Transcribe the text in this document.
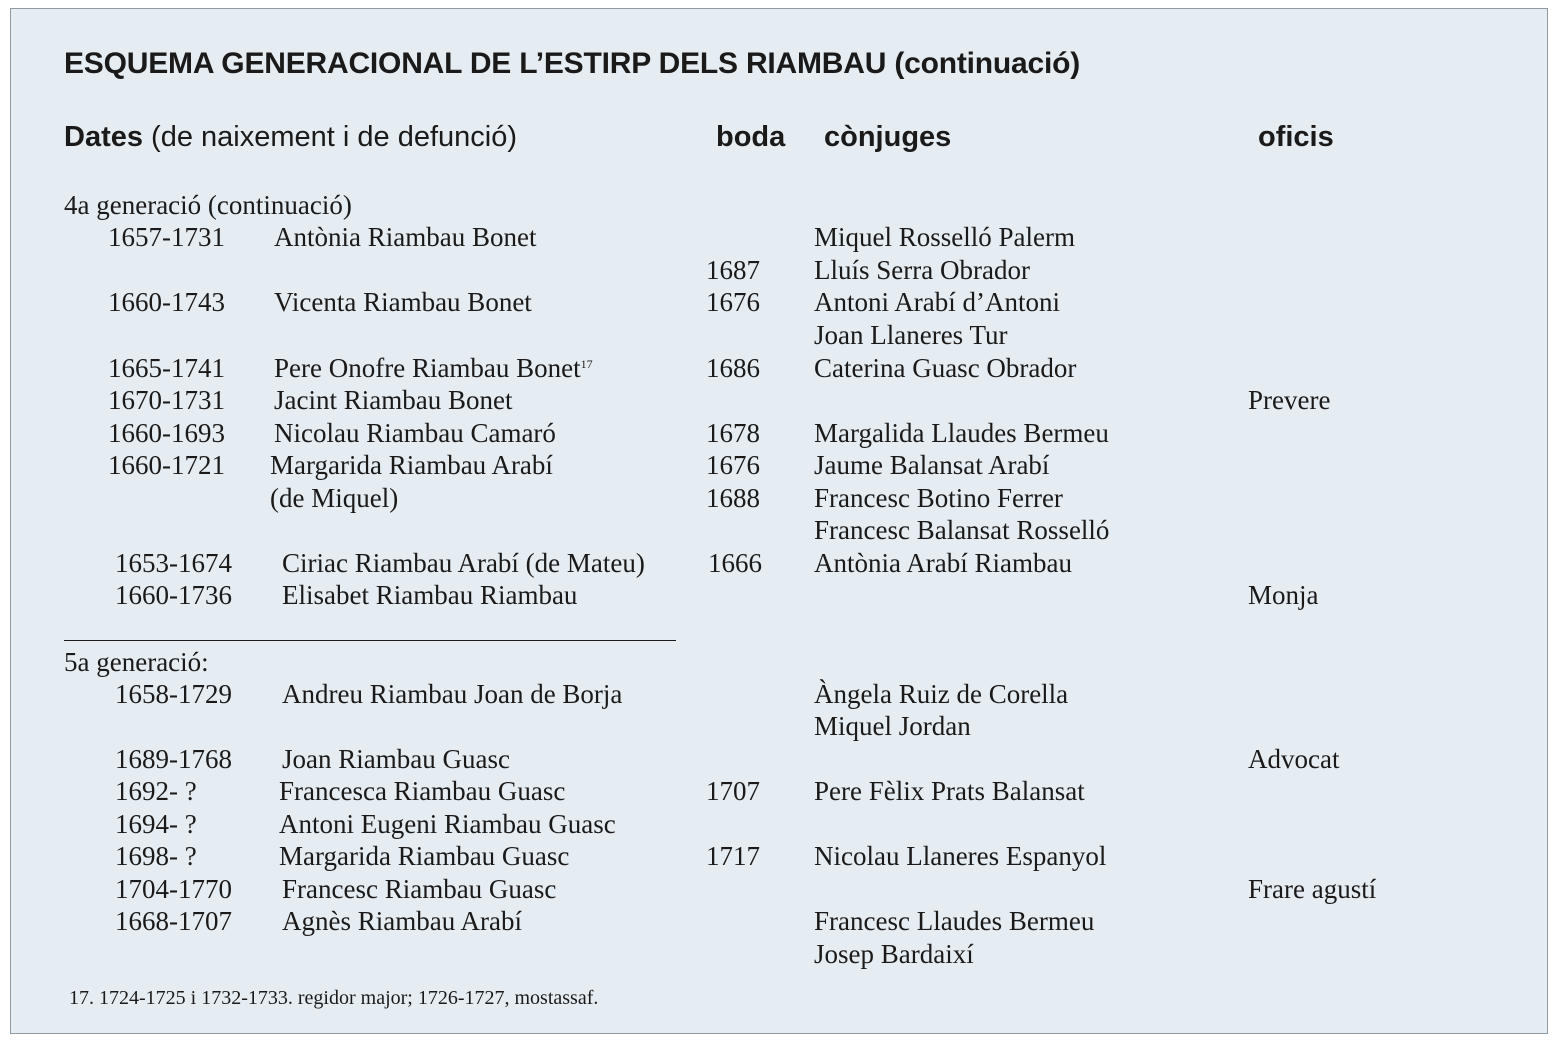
ESQUEMA GENERACIONAL DE L’ESTIRP DELS RIAMBAU (continuació)
Dates (de naixement i de defunció)	boda cònjuges	oficis
4a generació (continuació)
1657-1731 Antònia Riambau Bonet	Miquel Rosselló Palerm
1687 Lluís Serra Obrador
1660-1743 Vicenta Riambau Bonet	1676 Antoni Arabí d’Antoni
Joan Llaneres Tur
1665-1741 Pere Onofre Riambau Bonet$^{17}$	1686 Caterina Guasc Obrador
1670-1731 Jacint Riambau Bonet	Prevere
1660-1693 Nicolau Riambau Camaró	1678 Margalida Llaudes Bermeu
1660-1721 Margarida Riambau Arabí	1676 Jaume Balansat Arabí
(de Miquel)	1688 Francesc Botino Ferrer
Francesc Balansat Rosselló
1653-1674 Ciriac Riambau Arabí (de Mateu) 1666 Antònia Arabí Riambau
1660-1736 Elisabet Riambau Riambau	Monja
5a generació:
1658-1729 Andreu Riambau Joan de Borja	Àngela Ruiz de Corella
Miquel Jordan
1689-1768 Joan Riambau Guasc	Advocat
1692- ?	Francesca Riambau Guasc	1707 Pere Fèlix Prats Balansat
1694- ?	Antoni Eugeni Riambau Guasc
1698- ?	Margarida Riambau Guasc	1717 Nicolau Llaneres Espanyol
1704-1770 Francesc Riambau Guasc	Frare agustí
1668-1707 Agnès Riambau Arabí	Francesc Llaudes Bermeu
Josep Bardaixí
17. 1724-1725 i 1732-1733. regidor major; 1726-1727, mostassaf.
